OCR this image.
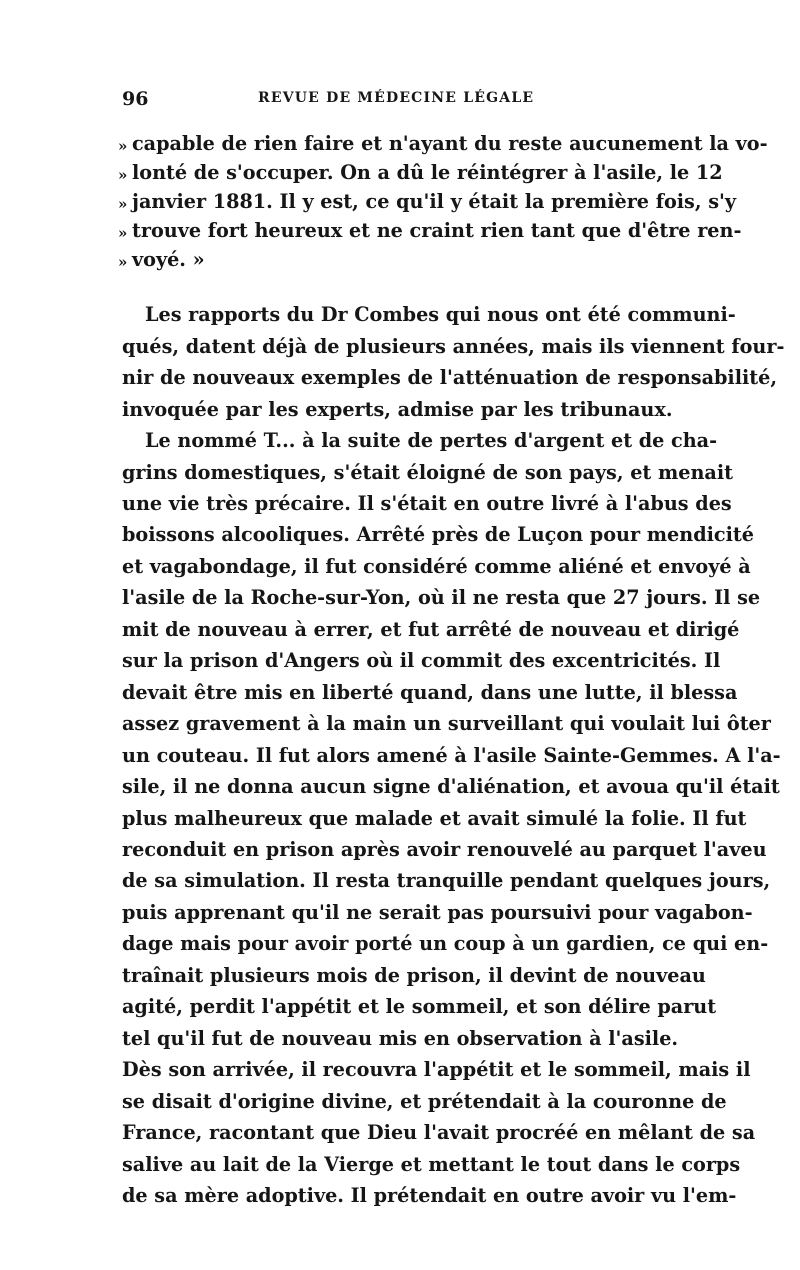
96	REVUE DE MÉDECINE LÉGALE
» capable de rien faire et n'ayant du reste aucunement la vo-
» lonté de s'occuper. On a dû le réintégrer à l'asile, le 12
» janvier 1881. Il y est, ce qu'il y était la première fois, s'y
» trouve fort heureux et ne craint rien tant que d'être ren-
» voyé. »
Les rapports du Dr Combes qui nous ont été communi-
qués, datent déjà de plusieurs années, mais ils viennent four-
nir de nouveaux exemples de l'atténuation de responsabilité,
invoquée par les experts, admise par les tribunaux.
Le nommé T... à la suite de pertes d'argent et de cha-
grins domestiques, s'était éloigné de son pays, et menait
une vie très précaire. Il s'était en outre livré à l'abus des
boissons alcooliques. Arrêté près de Luçon pour mendicité
et vagabondage, il fut considéré comme aliéné et envoyé à
l'asile de la Roche-sur-Yon, où il ne resta que 27 jours. Il se
mit de nouveau à errer, et fut arrêté de nouveau et dirigé
sur la prison d'Angers où il commit des excentricités. Il
devait être mis en liberté quand, dans une lutte, il blessa
assez gravement à la main un surveillant qui voulait lui ôter
un couteau. Il fut alors amené à l'asile Sainte-Gemmes. A l'a-
sile, il ne donna aucun signe d'aliénation, et avoua qu'il était
plus malheureux que malade et avait simulé la folie. Il fut
reconduit en prison après avoir renouvelé au parquet l'aveu
de sa simulation. Il resta tranquille pendant quelques jours,
puis apprenant qu'il ne serait pas poursuivi pour vagabon-
dage mais pour avoir porté un coup à un gardien, ce qui en-
traînait plusieurs mois de prison, il devint de nouveau
agité, perdit l'appétit et le sommeil, et son délire parut
tel qu'il fut de nouveau mis en observation à l'asile.
Dès son arrivée, il recouvra l'appétit et le sommeil, mais il
se disait d'origine divine, et prétendait à la couronne de
France, racontant que Dieu l'avait procréé en mêlant de sa
salive au lait de la Vierge et mettant le tout dans le corps
de sa mère adoptive. Il prétendait en outre avoir vu l'em-
